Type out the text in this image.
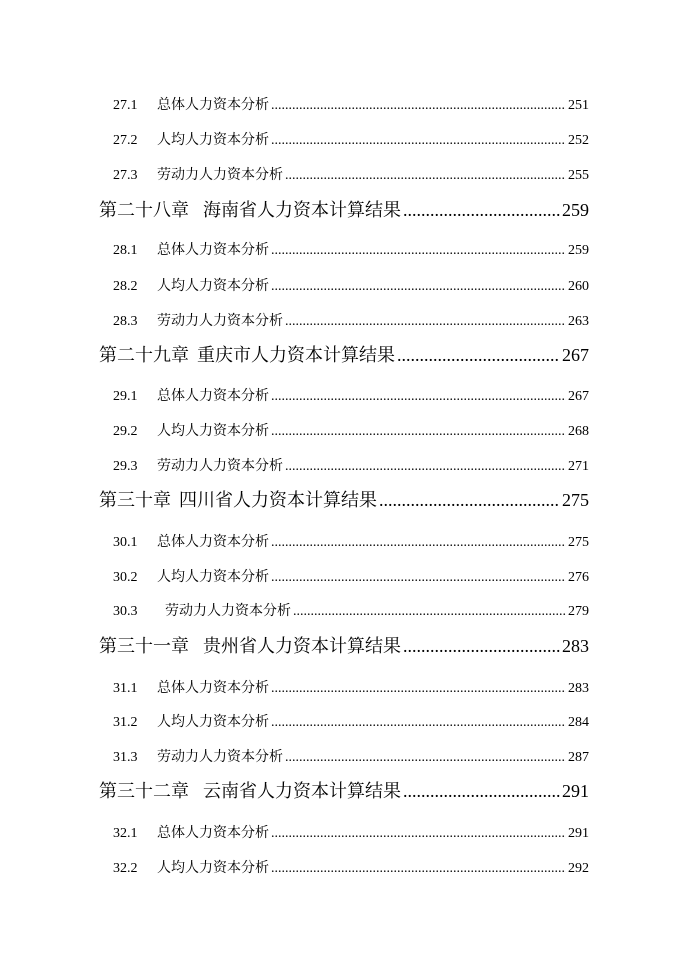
27.1	总体人力资本分析 .....	251
27.2	人均人力资本分析 .....	252
27.3	劳动力人力资本分析 .....	255
第二十八章 海南省人力资本计算结果 .....	259
28.1	总体人力资本分析 .....	259
28.2	人均人力资本分析 .....	260
28.3	劳动力人力资本分析 .....	263
第二十九章 重庆市人力资本计算结果 .....	267
29.1	总体人力资本分析 .....	267
29.2	人均人力资本分析 .....	268
29.3	劳动力人力资本分析 .....	271
第三十章 四川省人力资本计算结果 .....	275
30.1	总体人力资本分析 .....	275
30.2	人均人力资本分析 .....	276
30.3	劳动力人力资本分析 .....	279
第三十一章 贵州省人力资本计算结果 .....	283
31.1	总体人力资本分析 .....	283
31.2	人均人力资本分析 .....	284
31.3	劳动力人力资本分析 .....	287
第三十二章 云南省人力资本计算结果 .....	291
32.1	总体人力资本分析 .....	291
32.2	人均人力资本分析 .....	292
